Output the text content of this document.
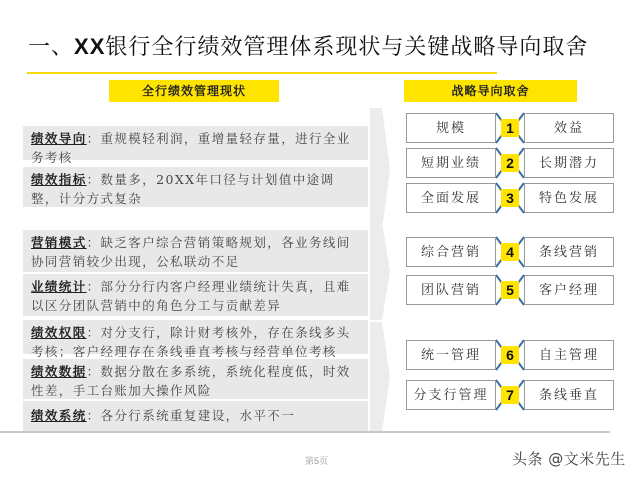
一、XX银行全行绩效管理体系现状与关键战略导向取舍
全行绩效管理现状	战略导向取舍
绩效导向：重规模轻利润，重增量轻存量，进行全业务考核
绩效指标：数量多，20XX年口径与计划值中途调整，计分方式复杂
营销模式：缺乏客户综合营销策略规划，各业务线间协同营销较少出现，公私联动不足
业绩统计：部分分行内客户经理业绩统计失真，且难以区分团队营销中的角色分工与贡献差异
绩效权限：对分支行，除计财考核外，存在条线多头考核；客户经理存在条线垂直考核与经营单位考核
绩效数据：数据分散在多系统，系统化程度低，时效性差，手工台账加大操作风险
绩效系统：各分行系统重复建设，水平不一
规模	1	效益
短期业绩	2	长期潜力
全面发展	3	特色发展
综合营销	4	条线营销
团队营销	5	客户经理
统一管理	6	自主管理
分支行管理	7	条线垂直
第5页	头条 @文米先生
